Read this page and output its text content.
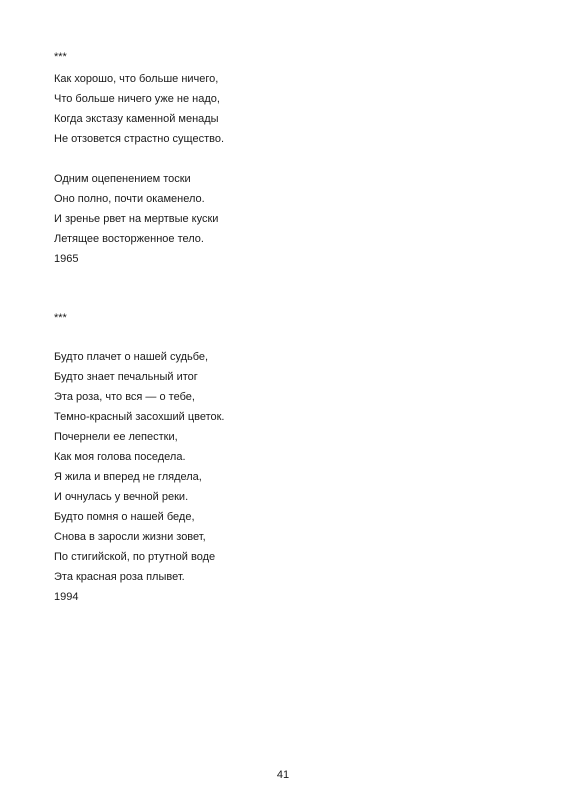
***
Как хорошо, что больше ничего,
Что больше ничего уже не надо,
Когда экстазу каменной менады
Не отзовется страстно существо.
Одним оцепенением тоски
Оно полно, почти окаменело.
И зренье рвет на мертвые куски
Летящее восторженное тело.
1965
***
Будто плачет о нашей судьбе,
Будто знает печальный итог
Эта роза, что вся — о тебе,
Темно-красный засохший цветок.
Почернели ее лепестки,
Как моя голова поседела.
Я жила и вперед не глядела,
И очнулась у вечной реки.
Будто помня о нашей беде,
Снова в заросли жизни зовет,
По стигийской, по ртутной воде
Эта красная роза плывет.
1994
41
